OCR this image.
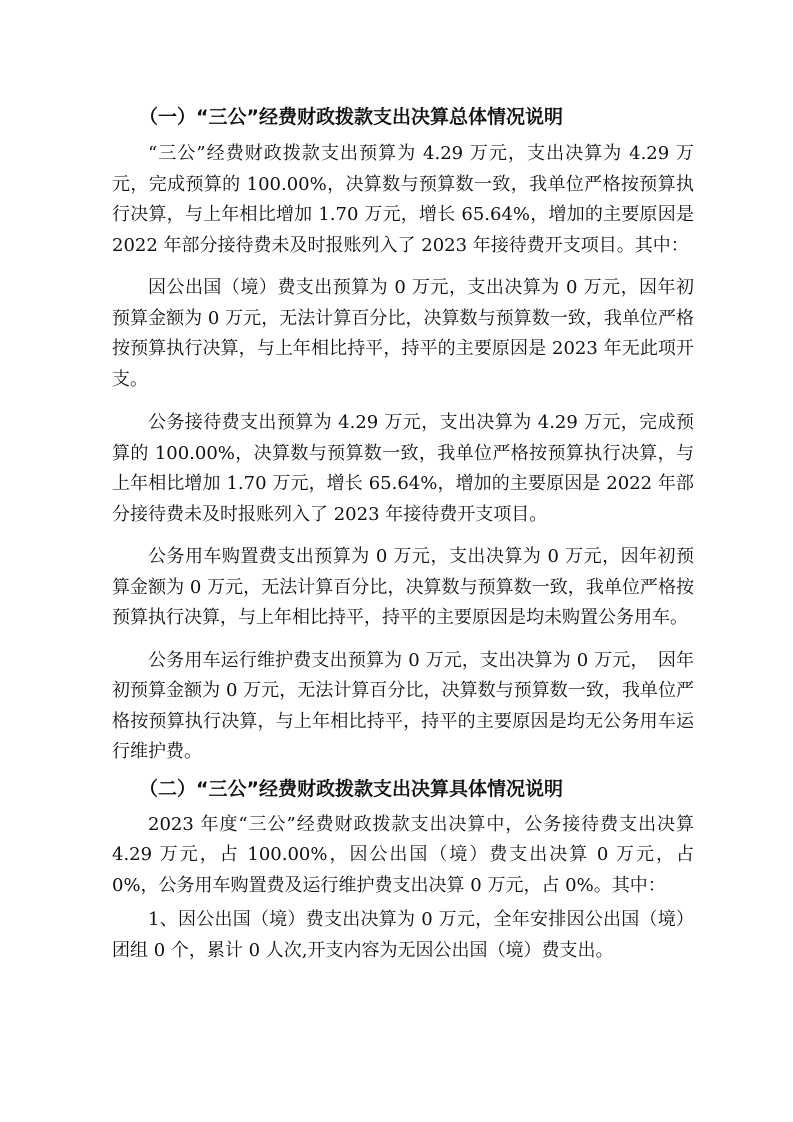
（一）“三公”经费财政拨款支出决算总体情况说明

“三公”经费财政拨款支出预算为 4.29 万元，支出决算为 4.29 万元，完成预算的 100.00%，决算数与预算数一致，我单位严格按预算执行决算，与上年相比增加 1.70 万元，增长 65.64%，增加的主要原因是 2022 年部分接待费未及时报账列入了 2023 年接待费开支项目。其中：

因公出国（境）费支出预算为 0 万元，支出决算为 0 万元，因年初预算金额为 0 万元，无法计算百分比，决算数与预算数一致，我单位严格按预算执行决算，与上年相比持平，持平的主要原因是 2023 年无此项开支。

公务接待费支出预算为 4.29 万元，支出决算为 4.29 万元，完成预算的 100.00%，决算数与预算数一致，我单位严格按预算执行决算，与上年相比增加 1.70 万元，增长 65.64%，增加的主要原因是 2022 年部分接待费未及时报账列入了 2023 年接待费开支项目。

公务用车购置费支出预算为 0 万元，支出决算为 0 万元，因年初预算金额为 0 万元，无法计算百分比，决算数与预算数一致，我单位严格按预算执行决算，与上年相比持平，持平的主要原因是均未购置公务用车。

公务用车运行维护费支出预算为 0 万元，支出决算为 0 万元，　因年初预算金额为 0 万元，无法计算百分比，决算数与预算数一致，我单位严格按预算执行决算，与上年相比持平，持平的主要原因是均无公务用车运行维护费。

（二）“三公”经费财政拨款支出决算具体情况说明

2023 年度“三公”经费财政拨款支出决算中，公务接待费支出决算 4.29 万元，占 100.00%，因公出国（境）费支出决算 0 万元，占 0%，公务用车购置费及运行维护费支出决算 0 万元，占 0%。其中：

1、因公出国（境）费支出决算为 0 万元，全年安排因公出国（境）团组 0 个，累计 0 人次,开支内容为无因公出国（境）费支出。
